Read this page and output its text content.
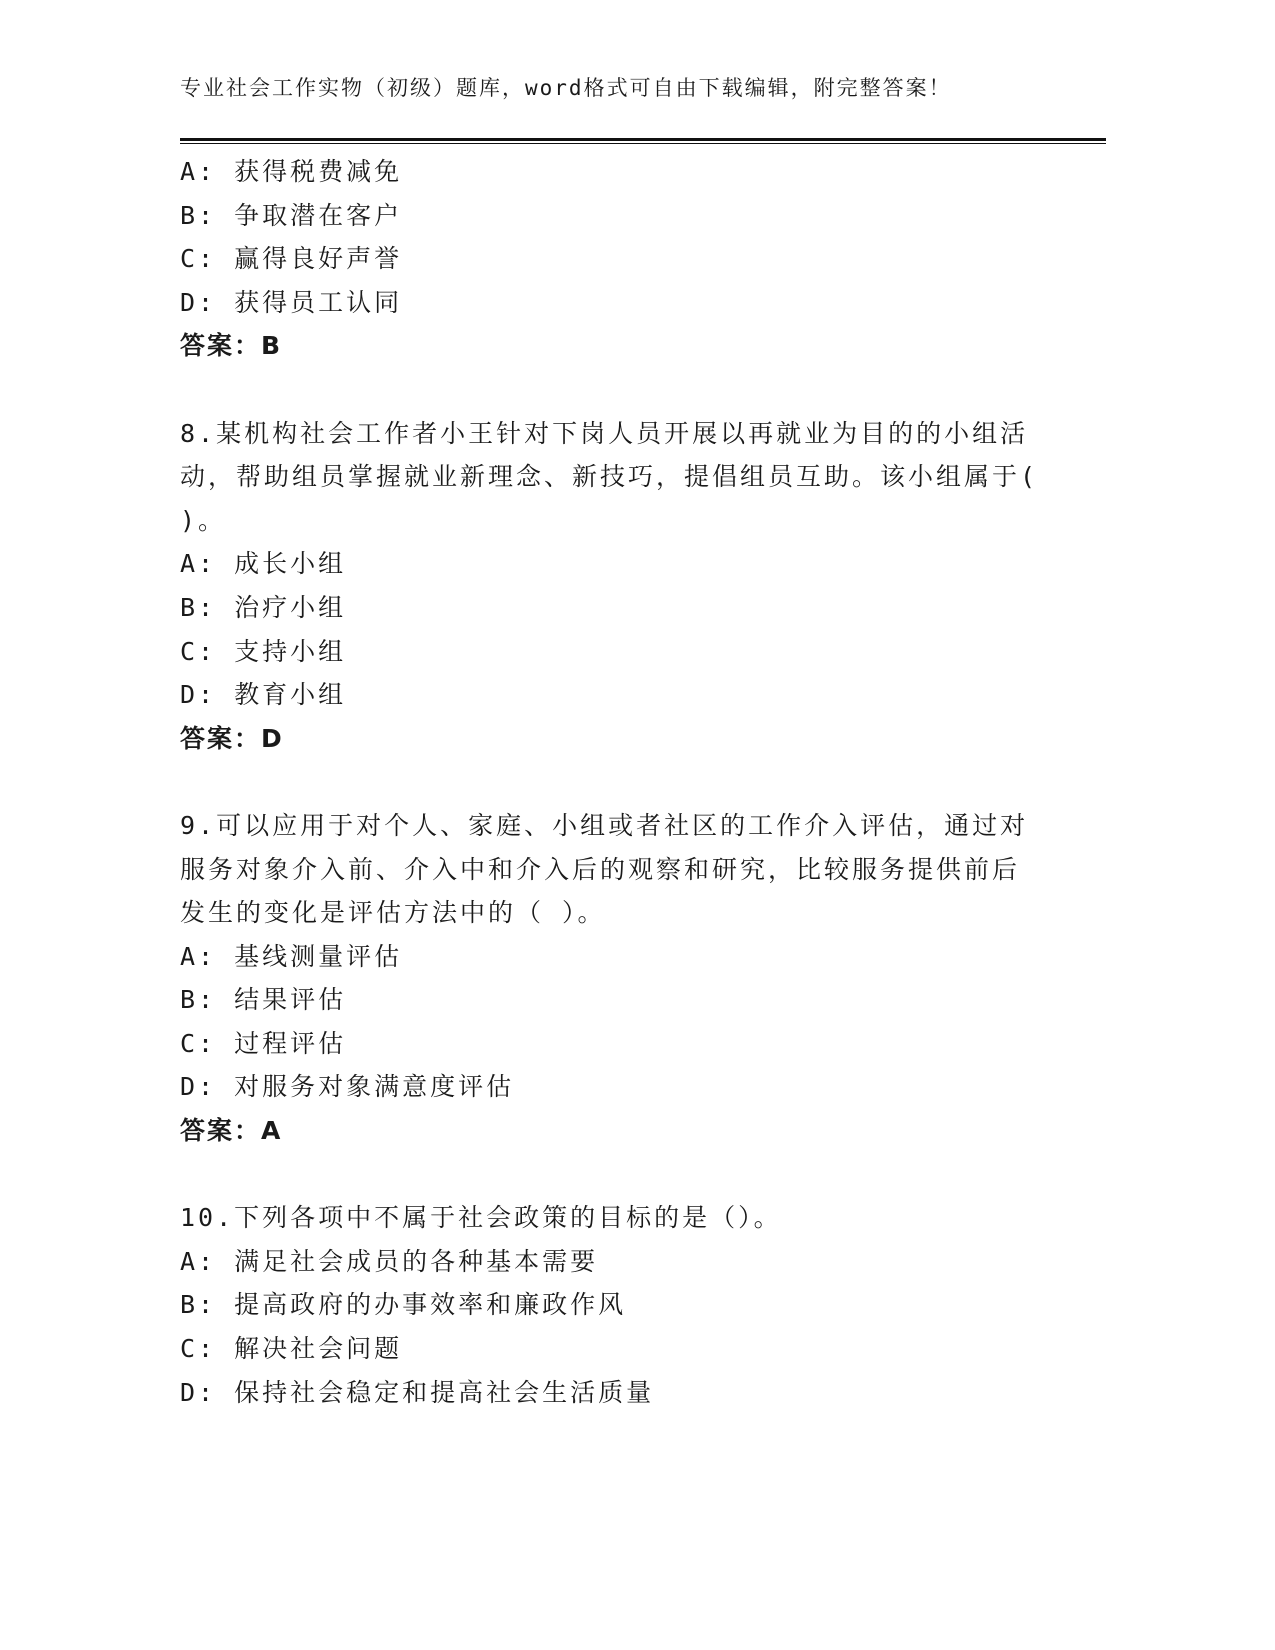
专业社会工作实物（初级）题库，word格式可自由下载编辑，附完整答案！
A: 获得税费减免
B: 争取潜在客户
C: 赢得良好声誉
D: 获得员工认同
答案：B
8.某机构社会工作者小王针对下岗人员开展以再就业为目的的小组活
动，帮助组员掌握就业新理念、新技巧，提倡组员互助。该小组属于(
)。
A: 成长小组
B: 治疗小组
C: 支持小组
D: 教育小组
答案：D
9.可以应用于对个人、家庭、小组或者社区的工作介入评估，通过对
服务对象介入前、介入中和介入后的观察和研究，比较服务提供前后
发生的变化是评估方法中的（ ）。
A: 基线测量评估
B: 结果评估
C: 过程评估
D: 对服务对象满意度评估
答案：A
10.下列各项中不属于社会政策的目标的是（）。
A: 满足社会成员的各种基本需要
B: 提高政府的办事效率和廉政作风
C: 解决社会问题
D: 保持社会稳定和提高社会生活质量
